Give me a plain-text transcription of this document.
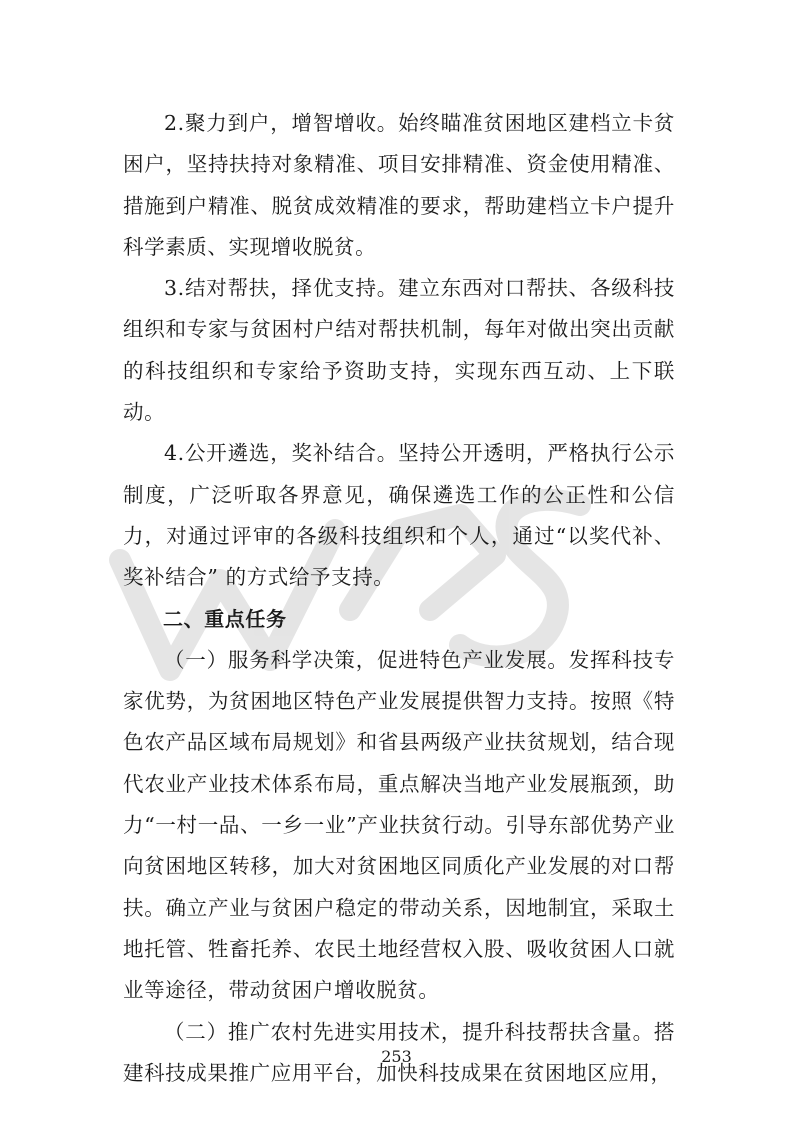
2.聚力到户，增智增收。始终瞄准贫困地区建档立卡贫困户，坚持扶持对象精准、项目安排精准、资金使用精准、措施到户精准、脱贫成效精准的要求，帮助建档立卡户提升科学素质、实现增收脱贫。

3.结对帮扶，择优支持。建立东西对口帮扶、各级科技组织和专家与贫困村户结对帮扶机制，每年对做出突出贡献的科技组织和专家给予资助支持，实现东西互动、上下联动。

4.公开遴选，奖补结合。坚持公开透明，严格执行公示制度，广泛听取各界意见，确保遴选工作的公正性和公信力，对通过评审的各级科技组织和个人，通过“以奖代补、奖补结合” 的方式给予支持。

二、重点任务

（一）服务科学决策，促进特色产业发展。发挥科技专家优势，为贫困地区特色产业发展提供智力支持。按照《特色农产品区域布局规划》和省县两级产业扶贫规划，结合现代农业产业技术体系布局，重点解决当地产业发展瓶颈，助力“一村一品、一乡一业”产业扶贫行动。引导东部优势产业向贫困地区转移，加大对贫困地区同质化产业发展的对口帮扶。确立产业与贫困户稳定的带动关系，因地制宜，采取土地托管、牲畜托养、农民土地经营权入股、吸收贫困人口就业等途径，带动贫困户增收脱贫。

（二）推广农村先进实用技术，提升科技帮扶含量。搭建科技成果推广应用平台，加快科技成果在贫困地区应用，

253
